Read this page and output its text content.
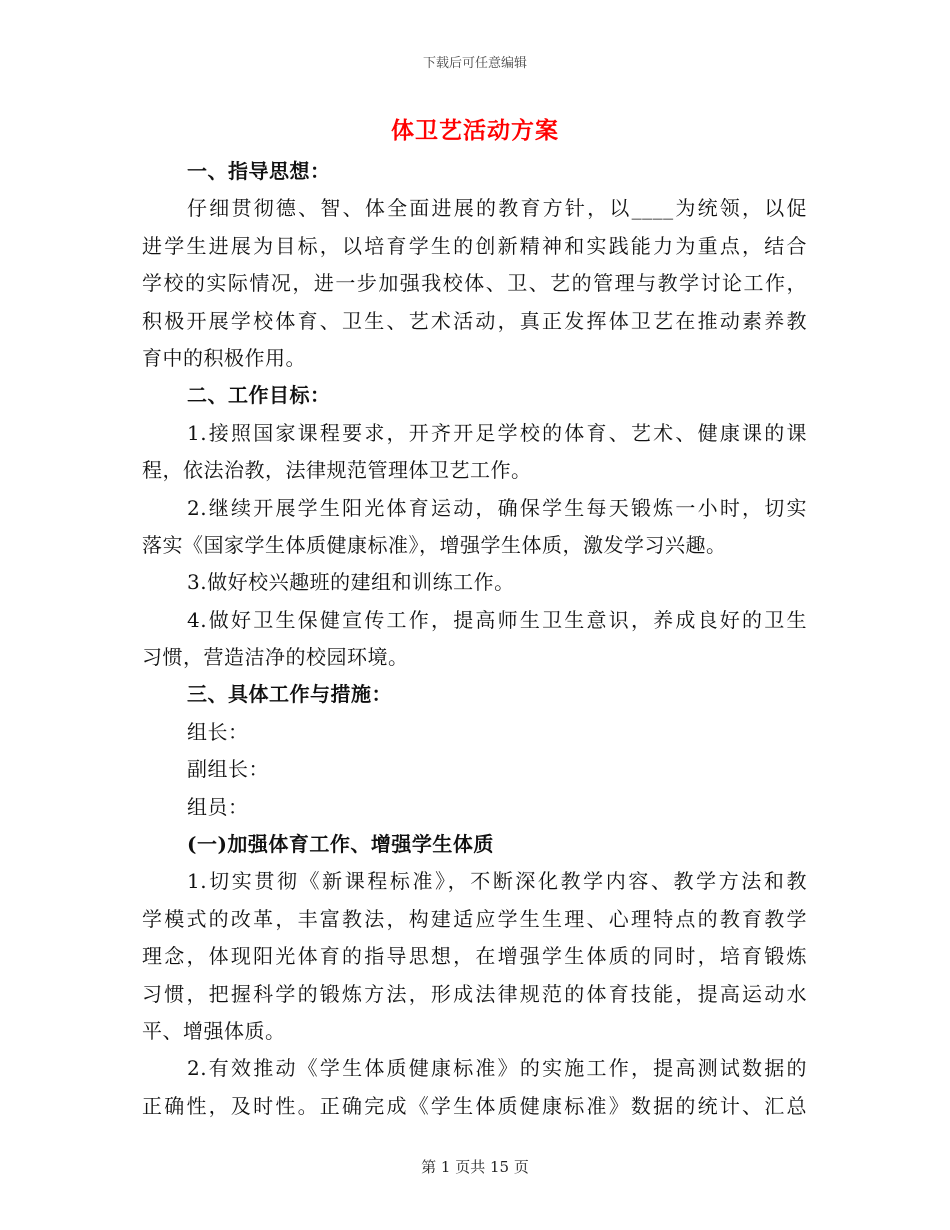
下载后可任意编辑
体卫艺活动方案
一、指导思想：
仔细贯彻德、智、体全面进展的教育方针，以____为统领，以促
进学生进展为目标，以培育学生的创新精神和实践能力为重点，结合
学校的实际情况，进一步加强我校体、卫、艺的管理与教学讨论工作，
积极开展学校体育、卫生、艺术活动，真正发挥体卫艺在推动素养教
育中的积极作用。
二、工作目标：
1.接照国家课程要求，开齐开足学校的体育、艺术、健康课的课
程，依法治教，法律规范管理体卫艺工作。
2.继续开展学生阳光体育运动，确保学生每天锻炼一小时，切实
落实《国家学生体质健康标准》，增强学生体质，激发学习兴趣。
3.做好校兴趣班的建组和训练工作。
4.做好卫生保健宣传工作，提高师生卫生意识，养成良好的卫生
习惯，营造洁净的校园环境。
三、具体工作与措施：
组长：
副组长：
组员：
(一)加强体育工作、增强学生体质
1.切实贯彻《新课程标准》，不断深化教学内容、教学方法和教
学模式的改革，丰富教法，构建适应学生生理、心理特点的教育教学
理念，体现阳光体育的指导思想，在增强学生体质的同时，培育锻炼
习惯，把握科学的锻炼方法，形成法律规范的体育技能，提高运动水
平、增强体质。
2.有效推动《学生体质健康标准》的实施工作，提高测试数据的
正确性，及时性。正确完成《学生体质健康标准》数据的统计、汇总
第 1 页共 15 页
